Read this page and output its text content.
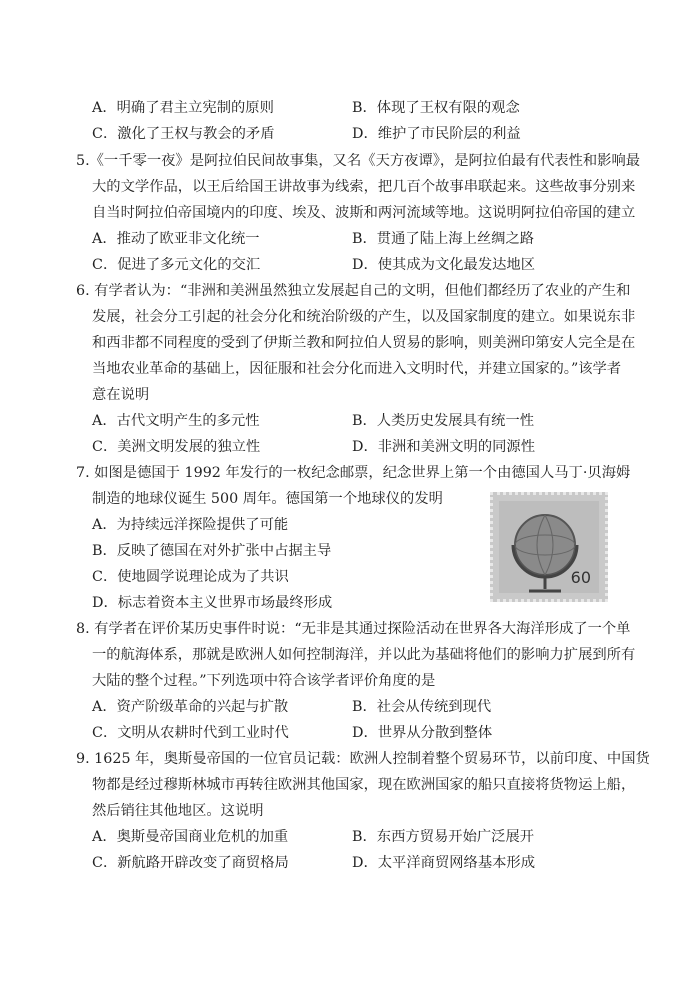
A．明确了君主立宪制的原则	B．体现了王权有限的观念
C．激化了王权与教会的矛盾	D．维护了市民阶层的利益
5.《一千零一夜》是阿拉伯民间故事集，又名《天方夜谭》，是阿拉伯最有代表性和影响最
大的文学作品，以王后给国王讲故事为线索，把几百个故事串联起来。这些故事分别来
自当时阿拉伯帝国境内的印度、埃及、波斯和两河流域等地。这说明阿拉伯帝国的建立
A．推动了欧亚非文化统一	B．贯通了陆上海上丝绸之路
C．促进了多元文化的交汇	D．使其成为文化最发达地区
6. 有学者认为：“非洲和美洲虽然独立发展起自己的文明，但他们都经历了农业的产生和
发展，社会分工引起的社会分化和统治阶级的产生，以及国家制度的建立。如果说东非
和西非都不同程度的受到了伊斯兰教和阿拉伯人贸易的影响，则美洲印第安人完全是在
当地农业革命的基础上，因征服和社会分化而进入文明时代，并建立国家的。”该学者
意在说明
A．古代文明产生的多元性	B．人类历史发展具有统一性
C．美洲文明发展的独立性	D．非洲和美洲文明的同源性
7. 如图是德国于 1992 年发行的一枚纪念邮票，纪念世界上第一个由德国人马丁·贝海姆
制造的地球仪诞生 500 周年。德国第一个地球仪的发明
A．为持续远洋探险提供了可能
B．反映了德国在对外扩张中占据主导
C．使地圆学说理论成为了共识
D．标志着资本主义世界市场最终形成
60
8. 有学者在评价某历史事件时说：“无非是其通过探险活动在世界各大海洋形成了一个单
一的航海体系，那就是欧洲人如何控制海洋，并以此为基础将他们的影响力扩展到所有
大陆的整个过程。”下列选项中符合该学者评价角度的是
A．资产阶级革命的兴起与扩散	B．社会从传统到现代
C．文明从农耕时代到工业时代	D．世界从分散到整体
9. 1625 年，奥斯曼帝国的一位官员记载：欧洲人控制着整个贸易环节，以前印度、中国货
物都是经过穆斯林城市再转往欧洲其他国家，现在欧洲国家的船只直接将货物运上船，
然后销往其他地区。这说明
A．奥斯曼帝国商业危机的加重	B．东西方贸易开始广泛展开
C．新航路开辟改变了商贸格局	D．太平洋商贸网络基本形成
